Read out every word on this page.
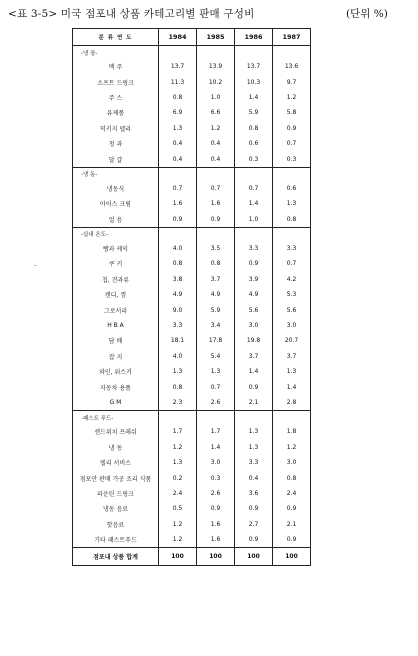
<표 3-5> 미국 점포내 상품 카테고리별 판매 구성비	(단위 %)
·
분 류 연 도	1984	1985	1986	1987
-냉 장-				
맥 주	13.7	13.9	13.7	13.6
소프트 드링크	11.3	10.2	10.3	9.7
주 스	0.8	1.0	1.4	1.2
유제품	6.9	6.6	5.9	5.8
덕키지 델리	1.3	1.2	0.8	0.9
청 과	0.4	0.4	0.6	0.7
달 걀	0.4	0.4	0.3	0.3
-냉 동-				
냉동식	0.7	0.7	0.7	0.6
아이스 크림	1.6	1.6	1.4	1.3
얼 음	0.9	0.9	1.0	0.8
-실내 온도-				
빵과 케익	4.0	3.5	3.3	3.3
쿠 키	0.8	0.8	0.9	0.7
칩, 견과류	3.8	3.7	3.9	4.2
캔디, 껌	4.9	4.9	4.9	5.3
그로서리	9.0	5.9	5.6	5.6
H B A	3.3	3.4	3.0	3.0
담 배	18.1	17.8	19.8	20.7
잡 지	4.0	5.4	3.7	3.7
와인, 위스키	1.3	1.3	1.4	1.3
자동차 용품	0.8	0.7	0.9	1.4
G M	2.3	2.6	2.1	2.8
-패스트 푸드-				
샌드위치 프레쉬	1.7	1.7	1.3	1.8
냉 동	1.2	1.4	1.3	1.2
델리 서비스	1.3	3.0	3.3	3.0
점포안 판매 가공 조리 식품	0.2	0.3	0.4	0.8
파운틴 드링크	2.4	2.6	3.6	2.4
냉동 음료	0.5	0.9	0.9	0.9
핫음료	1.2	1.6	2.7	2.1
기타 패스트푸드	1.2	1.6	0.9	0.9
점포내 상품 합계	100	100	100	100
